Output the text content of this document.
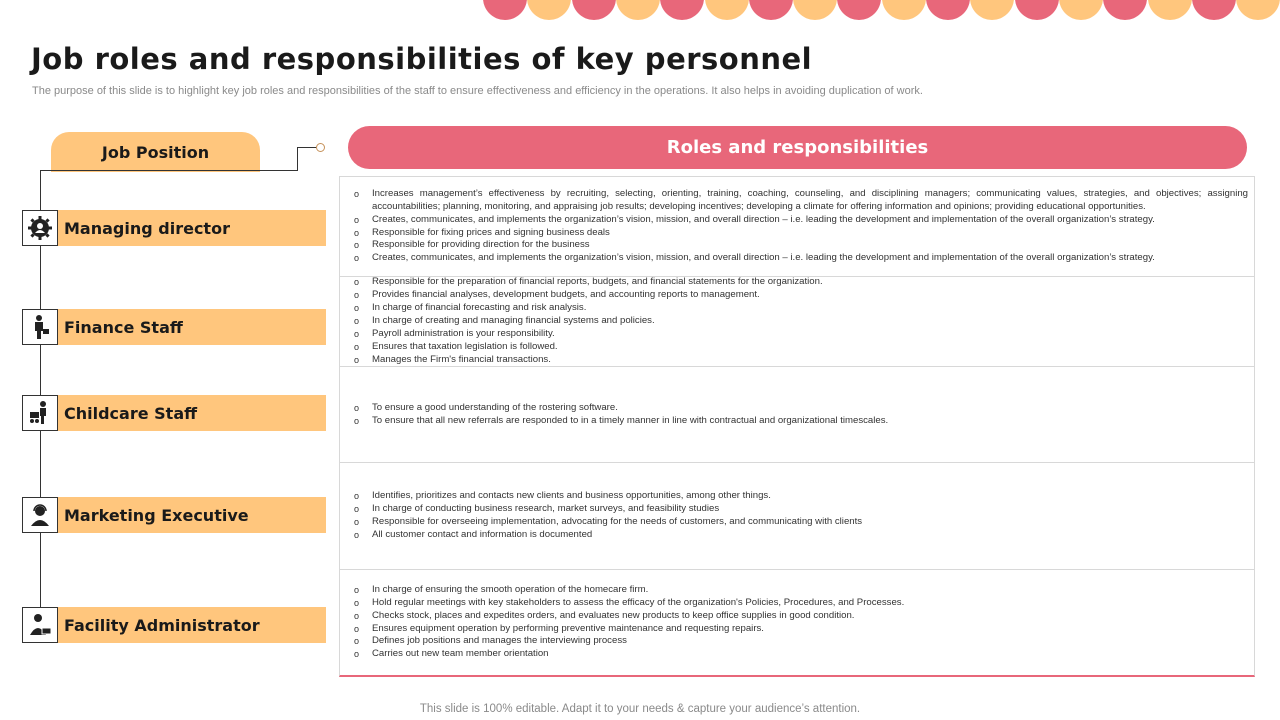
Job roles and responsibilities of key personnel
The purpose of this slide is to highlight key job roles and responsibilities of the staff to ensure effectiveness and efficiency in the operations. It also helps in avoiding duplication of work.
Job Position
Managing director
Finance Staff
Childcare Staff
Marketing Executive
Facility Administrator
Roles and responsibilities
o Increases management’s effectiveness by recruiting, selecting, orienting, training, coaching, counseling, and disciplining managers; communicating values, strategies, and objectives; assigning accountabilities; planning, monitoring, and appraising job results; developing incentives; developing a climate for offering information and opinions; providing educational opportunities.
o Creates, communicates, and implements the organization’s vision, mission, and overall direction – i.e. leading the development and implementation of the overall organization’s strategy.
o Responsible for fixing prices and signing business deals
o Responsible for providing direction for the business
o Creates, communicates, and implements the organization’s vision, mission, and overall direction – i.e. leading the development and implementation of the overall organization’s strategy.
o Responsible for the preparation of financial reports, budgets, and financial statements for the organization.
o Provides financial analyses, development budgets, and accounting reports to management.
o In charge of financial forecasting and risk analysis.
o In charge of creating and managing financial systems and policies.
o Payroll administration is your responsibility.
o Ensures that taxation legislation is followed.
o Manages the Firm's financial transactions.
o To ensure a good understanding of the rostering software.
o To ensure that all new referrals are responded to in a timely manner in line with contractual and organizational timescales.
o Identifies, prioritizes and contacts new clients and business opportunities, among other things.
o In charge of conducting business research, market surveys, and feasibility studies
o Responsible for overseeing implementation, advocating for the needs of customers, and communicating with clients
o All customer contact and information is documented
o In charge of ensuring the smooth operation of the homecare firm.
o Hold regular meetings with key stakeholders to assess the efficacy of the organization's Policies, Procedures, and Processes.
o Checks stock, places and expedites orders, and evaluates new products to keep office supplies in good condition.
o Ensures equipment operation by performing preventive maintenance and requesting repairs.
o Defines job positions and manages the interviewing process
o Carries out new team member orientation
This slide is 100% editable. Adapt it to your needs & capture your audience’s attention.
